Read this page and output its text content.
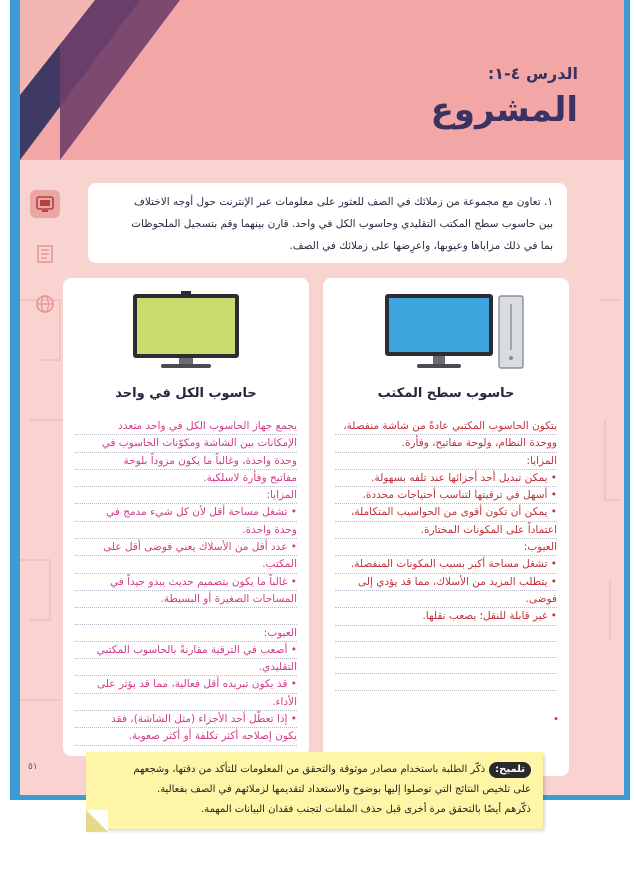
الدرس ٤-١:
المشروع
١. تعاون مع مجموعة من زملائك في الصف للعثور على معلومات عبر الإنترنت حول أوجه الاختلاف
بين حاسوب سطح المكتب التقليدي وحاسوب الكل في واحد. قارن بينهما وقم بتسجيل الملحوظات
بما في ذلك مزاياها وعيوبها، واعرِضها على زملائك في الصف.
حاسوب سطح المكتب
يتكون الحاسوب المكتبي عادةً من شاشة منفصلة،
ووحدة النظام، ولوحة مفاتيح، وفأرة.
المزايا:
• يمكن تبديل أحد أجزائها عند تلفه بسهولة.
• أسهل في ترقيتها لتناسب أحتياجات محددة.
• يمكن أن تكون أقوى من الحواسيب المتكاملة،
اعتماداً على المكونات المختارة.
العيوب:
• تشغل مساحة أكبر بسبب المكونات المنفصلة.
• يتطلب المزيد من الأسلاك، مما قد يؤدي إلى
فوضى.
• غير قابلة للنقل؛ يصعب نقلها.
•
حاسوب الكل في واحد
يجمع جهاز الحاسوب الكل في واحد متعدد
الإمكانات بين الشاشة ومكوّنات الحاسوب في
وحدة واحدة، وغالباً ما يكون مزوداً بلوحة
مفاتيح وفأرة لاسلكية.
المزايا:
• تشغل مساحة أقل لأن كل شيء مدمج في
وحدة واحدة.
• عدد أقل من الأسلاك يعني فوضى أقل على
المكتب.
• غالباً ما يكون بتصميم حديث يبدو جيداً في
المساحات الصغيرة أو البسيطة.
العيوب:
• أصعب في الترقية مقارنةً بالحاسوب المكتبي
التقليدي.
• قد يكون تبريده أقل فعالية، مما قد يؤثر على
الأداء.
• إذا تعطّل أحد الأجزاء (مثل الشاشة)، فقد
يكون إصلاحه أكثر تكلفة أو أكثر صعوبة.
٥١	تلميح:ذكّر الطلبة باستخدام مصادر موثوقة والتحقق من المعلومات للتأكد من دقتها، وشجعهم
على تلخيص النتائج التي توصلوا إليها بوضوح والاستعداد لتقديمها لزملائهم في الصف بفعالية.
ذكّرهم أيضًا بالتحقق مرة أخرى قبل حذف الملفات لتجنب فقدان البيانات المهمة.
